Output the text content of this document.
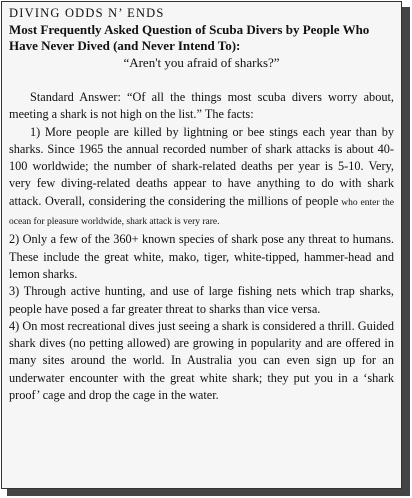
DIVING ODDS N’ ENDS
Most Frequently Asked Question of Scuba Divers by People Who Have Never Dived (and Never Intend To):
“Aren't you afraid of sharks?”

Standard Answer: “Of all the things most scuba divers worry about, meeting a shark is not high on the list.” The facts:

1) More people are killed by lightning or bee stings each year than by sharks. Since 1965 the annual recorded number of shark attacks is about 40-100 worldwide; the number of shark-related deaths per year is 5-10. Very, very few diving-related deaths appear to have anything to do with shark attack. Overall, considering the considering the millions of people who enter the ocean for pleasure worldwide, shark attack is very rare.

2) Only a few of the 360+ known species of shark pose any threat to humans. These include the great white, mako, tiger, white-tipped, hammer-head and lemon sharks.

3) Through active hunting, and use of large fishing nets which trap sharks, people have posed a far greater threat to sharks than vice versa.

4) On most recreational dives just seeing a shark is considered a thrill. Guided shark dives (no petting allowed) are growing in popularity and are offered in many sites around the world. In Australia you can even sign up for an underwater encounter with the great white shark; they put you in a ‘shark proof’ cage and drop the cage in the water.
